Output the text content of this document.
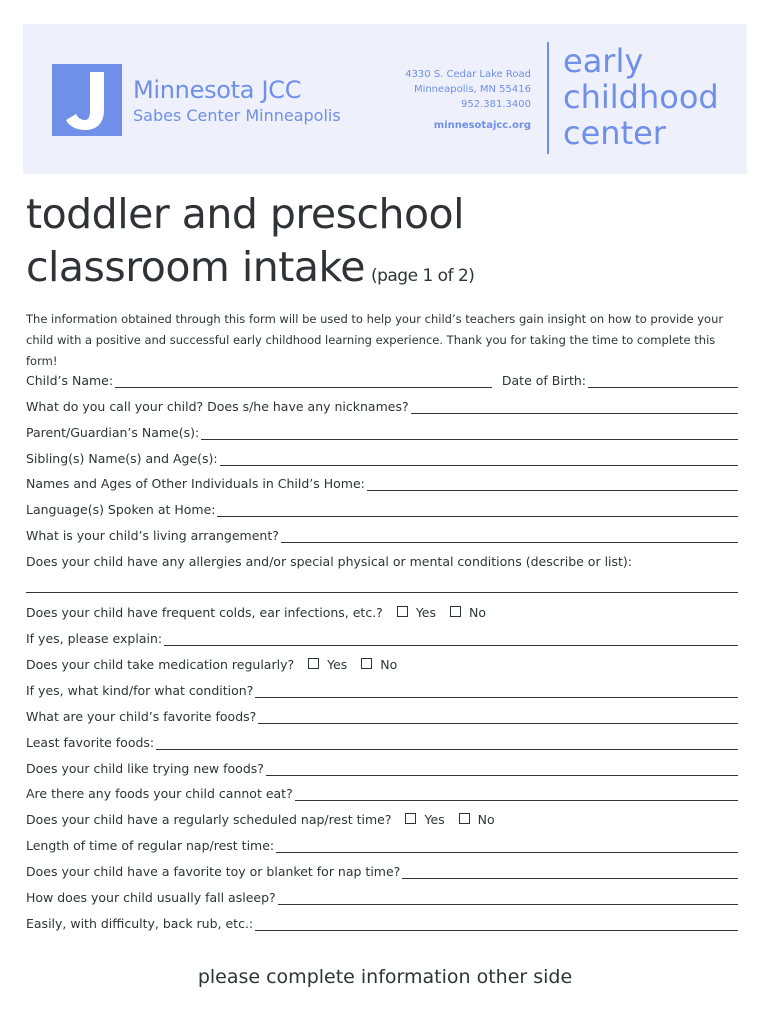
Minnesota JCC
Sabes Center Minneapolis
4330 S. Cedar Lake Road
Minneapolis, MN 55416
952.381.3400
minnesotajcc.org
early
childhood
center
toddler and preschool
classroom intake (page 1 of 2)
The information obtained through this form will be used to help your child’s teachers gain insight on how to provide your
child with a positive and successful early childhood learning experience. Thank you for taking the time to complete this form!
Child’s Name:	Date of Birth:
What do you call your child? Does s/he have any nicknames?
Parent/Guardian’s Name(s):
Sibling(s) Name(s) and Age(s):
Names and Ages of Other Individuals in Child’s Home:
Language(s) Spoken at Home:
What is your child’s living arrangement?
Does your child have any allergies and/or special physical or mental conditions (describe or list):
Does your child have frequent colds, ear infections, etc.?	Yes	No
If yes, please explain:
Does your child take medication regularly?	Yes	No
If yes, what kind/for what condition?
What are your child’s favorite foods?
Least favorite foods:
Does your child like trying new foods?
Are there any foods your child cannot eat?
Does your child have a regularly scheduled nap/rest time?	Yes	No
Length of time of regular nap/rest time:
Does your child have a favorite toy or blanket for nap time?
How does your child usually fall asleep?
Easily, with difficulty, back rub, etc.:
please complete information other side
